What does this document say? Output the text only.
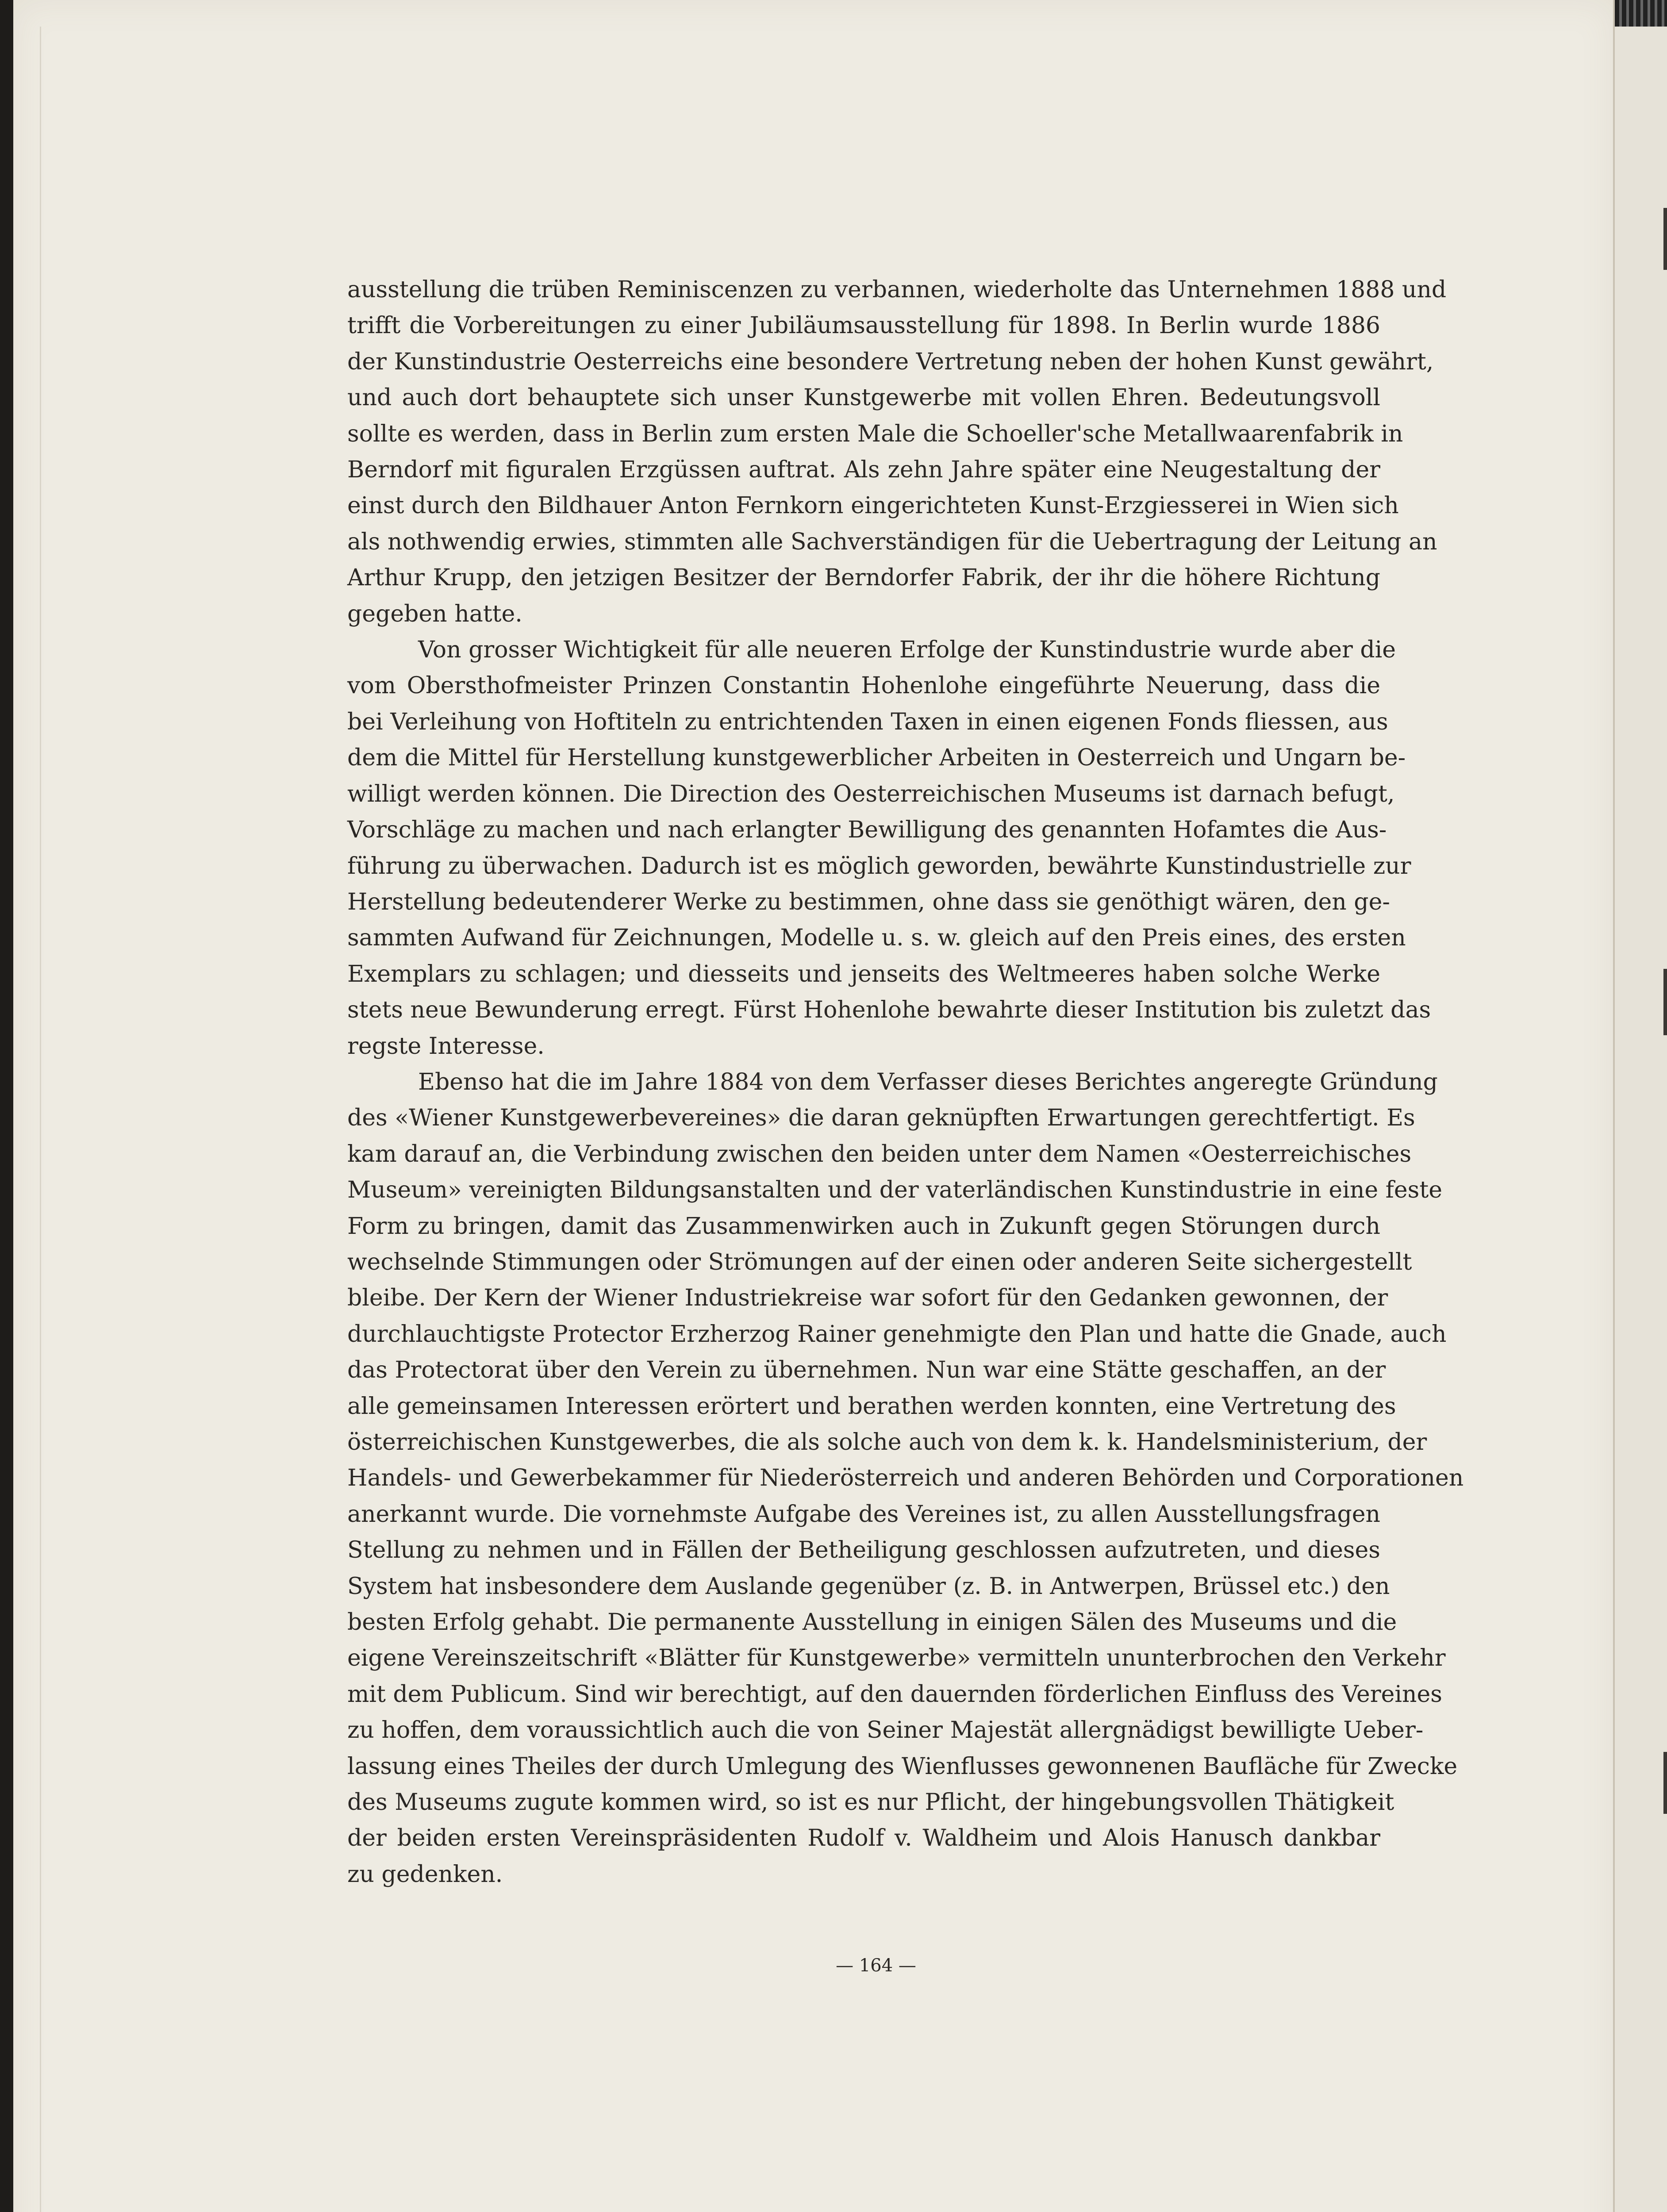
ausstellung die trüben Reminiscenzen zu verbannen, wiederholte das Unternehmen 1888 und
trifft die Vorbereitungen zu einer Jubiläumsausstellung für 1898. In Berlin wurde 1886
der Kunstindustrie Oesterreichs eine besondere Vertretung neben der hohen Kunst gewährt,
und auch dort behauptete sich unser Kunstgewerbe mit vollen Ehren. Bedeutungsvoll
sollte es werden, dass in Berlin zum ersten Male die Schoeller'sche Metallwaarenfabrik in
Berndorf mit figuralen Erzgüssen auftrat. Als zehn Jahre später eine Neugestaltung der
einst durch den Bildhauer Anton Fernkorn eingerichteten Kunst-Erzgiesserei in Wien sich
als nothwendig erwies, stimmten alle Sachverständigen für die Uebertragung der Leitung an
Arthur Krupp, den jetzigen Besitzer der Berndorfer Fabrik, der ihr die höhere Richtung
gegeben hatte.
Von grosser Wichtigkeit für alle neueren Erfolge der Kunstindustrie wurde aber die
vom Obersthofmeister Prinzen Constantin Hohenlohe eingeführte Neuerung, dass die
bei Verleihung von Hoftiteln zu entrichtenden Taxen in einen eigenen Fonds fliessen, aus
dem die Mittel für Herstellung kunstgewerblicher Arbeiten in Oesterreich und Ungarn be-
willigt werden können. Die Direction des Oesterreichischen Museums ist darnach befugt,
Vorschläge zu machen und nach erlangter Bewilligung des genannten Hofamtes die Aus-
führung zu überwachen. Dadurch ist es möglich geworden, bewährte Kunstindustrielle zur
Herstellung bedeutenderer Werke zu bestimmen, ohne dass sie genöthigt wären, den ge-
sammten Aufwand für Zeichnungen, Modelle u. s. w. gleich auf den Preis eines, des ersten
Exemplars zu schlagen; und diesseits und jenseits des Weltmeeres haben solche Werke
stets neue Bewunderung erregt. Fürst Hohenlohe bewahrte dieser Institution bis zuletzt das
regste Interesse.
Ebenso hat die im Jahre 1884 von dem Verfasser dieses Berichtes angeregte Gründung
des «Wiener Kunstgewerbevereines» die daran geknüpften Erwartungen gerechtfertigt. Es
kam darauf an, die Verbindung zwischen den beiden unter dem Namen «Oesterreichisches
Museum» vereinigten Bildungsanstalten und der vaterländischen Kunstindustrie in eine feste
Form zu bringen, damit das Zusammenwirken auch in Zukunft gegen Störungen durch
wechselnde Stimmungen oder Strömungen auf der einen oder anderen Seite sichergestellt
bleibe. Der Kern der Wiener Industriekreise war sofort für den Gedanken gewonnen, der
durchlauchtigste Protector Erzherzog Rainer genehmigte den Plan und hatte die Gnade, auch
das Protectorat über den Verein zu übernehmen. Nun war eine Stätte geschaffen, an der
alle gemeinsamen Interessen erörtert und berathen werden konnten, eine Vertretung des
österreichischen Kunstgewerbes, die als solche auch von dem k. k. Handelsministerium, der
Handels- und Gewerbekammer für Niederösterreich und anderen Behörden und Corporationen
anerkannt wurde. Die vornehmste Aufgabe des Vereines ist, zu allen Ausstellungsfragen
Stellung zu nehmen und in Fällen der Betheiligung geschlossen aufzutreten, und dieses
System hat insbesondere dem Auslande gegenüber (z. B. in Antwerpen, Brüssel etc.) den
besten Erfolg gehabt. Die permanente Ausstellung in einigen Sälen des Museums und die
eigene Vereinszeitschrift «Blätter für Kunstgewerbe» vermitteln ununterbrochen den Verkehr
mit dem Publicum. Sind wir berechtigt, auf den dauernden förderlichen Einfluss des Vereines
zu hoffen, dem voraussichtlich auch die von Seiner Majestät allergnädigst bewilligte Ueber-
lassung eines Theiles der durch Umlegung des Wienflusses gewonnenen Baufläche für Zwecke
des Museums zugute kommen wird, so ist es nur Pflicht, der hingebungsvollen Thätigkeit
der beiden ersten Vereinspräsidenten Rudolf v. Waldheim und Alois Hanusch dankbar
zu gedenken.
— 164 —
